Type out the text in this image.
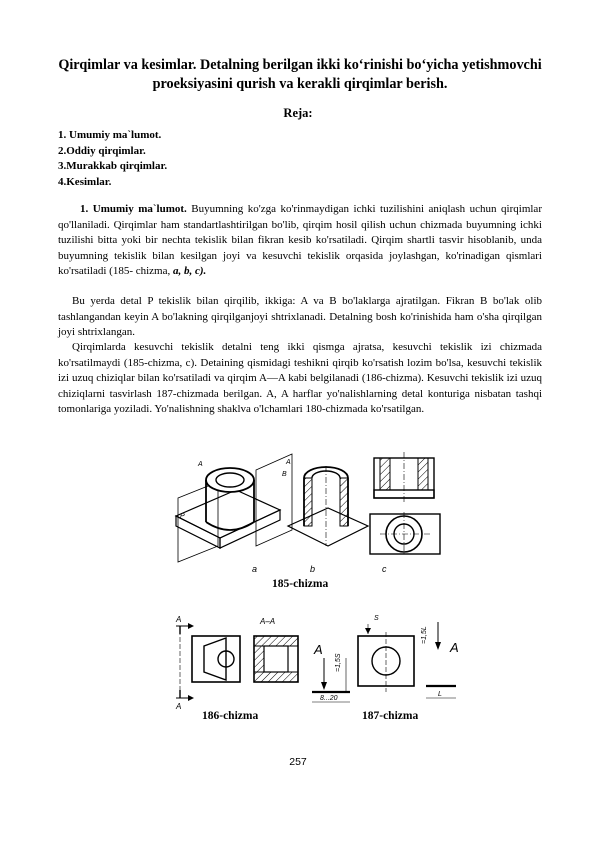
Qirqimlar va kesimlar. Detalning berilgan ikki ko‘rinishi bo‘yicha yetishmovchi proeksiyasini qurish va kerakli qirqimlar berish.
Reja:
1. Umumiy ma`lumot.
2.Oddiy qirqimlar.
3.Murakkab qirqimlar.
4.Kesimlar.
1. Umumiy ma`lumot. Buyumning ko'zga ko'rinmaydigan ichki tuzilishini aniqlash uchun qirqimlar qo'llaniladi. Qirqimlar ham standartlashtirilgan bo'lib, qirqim hosil qilish uchun chizmada buyumning ichki tuzilishi bitta yoki bir nechta tekislik bilan fikran kesib ko'rsatiladi. Qirqim shartli tasvir hisoblanib, unda buyumning tekislik bilan kesilgan joyi va kesuvchi tekislik orqasida joylashgan, ko'rinadigan qismlari ko'rsatiladi (185- chizma, a, b, c).
Bu yerda detal P tekislik bilan qirqilib, ikkiga: A va B bo'laklarga ajratilgan. Fikran B bo'lak olib tashlangandan keyin A bo'lakning qirqilganjoyi shtrixlanadi. Detalning bosh ko'rinishida ham o'sha qirqilgan joyi shtrixlangan.
Qirqimlarda kesuvchi tekislik detalni teng ikki qismga ajratsa, kesuvchi tekislik izi chizmada ko'rsatilmaydi (185-chizma, c). Detaining qismidagi teshikni qirqib ko'rsatish lozim bo'lsa, kesuvchi tekislik izi uzuq chiziqlar bilan ko'rsatiladi va qirqim A—A kabi belgilanadi (186-chizma). Kesuvchi tekislik izi uzuq chiziqlarni tasvirlash 187-chizmada berilgan. A, A harflar yo'nalishlarning detal konturiga nisbatan tashqi tomonlariga yoziladi. Yo'nalishning shaklva o'lchamlari 180-chizmada ko'rsatilgan.
A
B
P
A
a	b	c
185-chizma
A
A
A–A
186-chizma
A
=1,5S
8...20
S
=1,5L
A
L
187-chizma
257
